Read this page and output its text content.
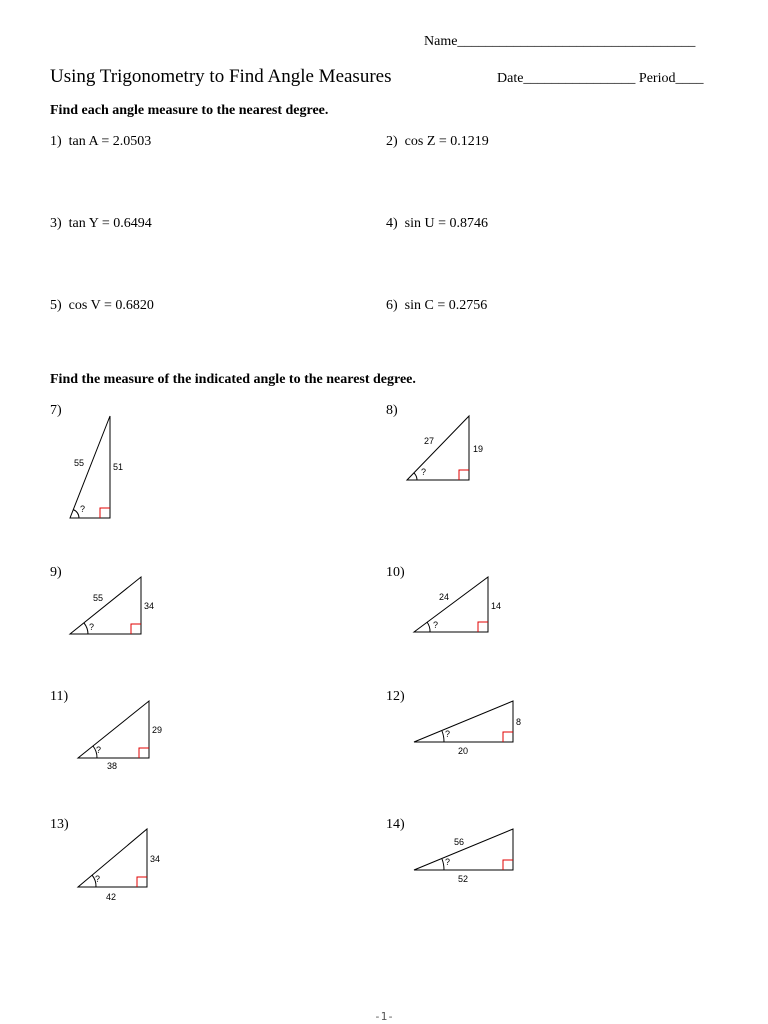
Name__________________________________
Using Trigonometry to Find Angle Measures	Date________________ Period____
Find each angle measure to the nearest degree.
1) tan A = 2.0503	2) cos Z = 0.1219
3) tan Y = 0.6494	4) sin U = 0.8746
5) cos V = 0.6820	6) sin C = 0.2756
Find the measure of the indicated angle to the nearest degree.
7)	8)
9)	10)
11)	12)
13)	14)
55	51
?
27
19
?
55
34
?
24
14
?
29
38
?
8
20
?
34
42
?
56
52
?
-1-
